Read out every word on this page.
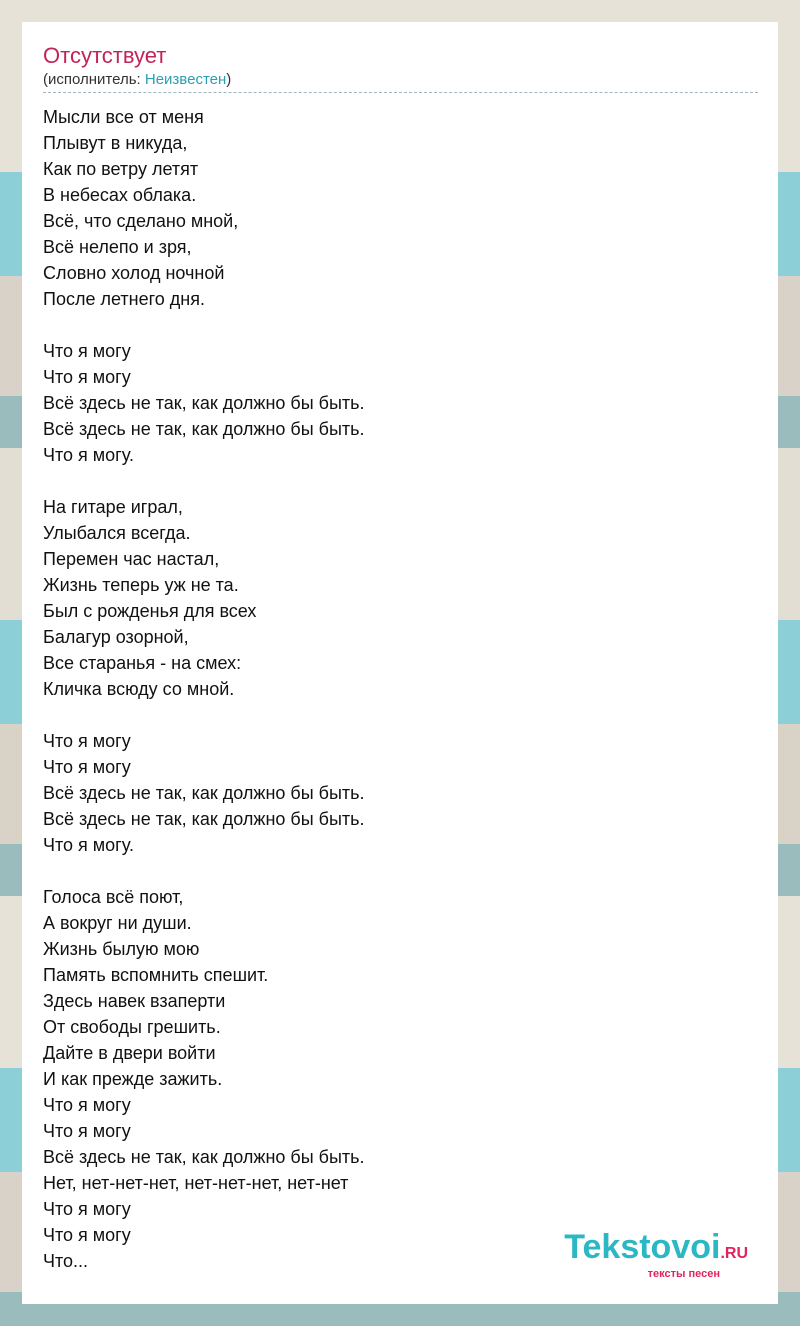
Отсутствует
(исполнитель: Неизвестен)
Мысли все от меня
Плывут в никуда,
Как по ветру летят
В небесах облака.
Всё, что сделано мной,
Всё нелепо и зря,
Словно холод ночной
После летнего дня.
Что я могу
Что я могу
Всё здесь не так, как должно бы быть.
Всё здесь не так, как должно бы быть.
Что я могу.
На гитаре играл,
Улыбался всегда.
Перемен час настал,
Жизнь теперь уж не та.
Был с рожденья для всех
Балагур озорной,
Все старанья - на смех:
Кличка всюду со мной.
Что я могу
Что я могу
Всё здесь не так, как должно бы быть.
Всё здесь не так, как должно бы быть.
Что я могу.
Голоса всё поют,
А вокруг ни души.
Жизнь былую мою
Память вспомнить спешит.
Здесь навек взаперти
От свободы грешить.
Дайте в двери войти
И как прежде зажить.
Что я могу
Что я могу
Всё здесь не так, как должно бы быть.
Нет, нет-нет-нет, нет-нет-нет, нет-нет
Что я могу
Что я могу
Что...	Tekstovoi.RU
тексты песен
